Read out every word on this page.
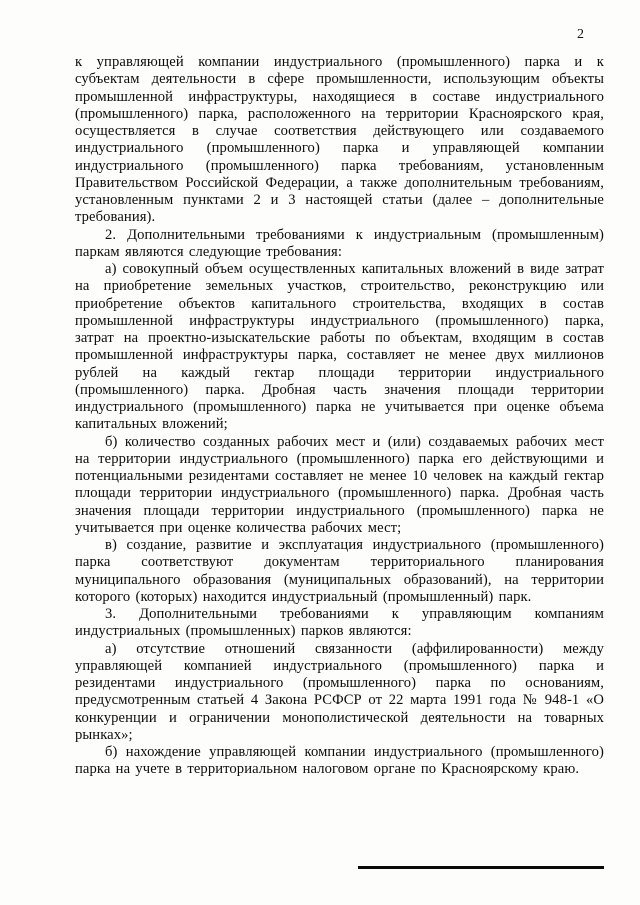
2

к управляющей компании индустриального (промышленного) парка и к субъектам деятельности в сфере промышленности, использующим объекты промышленной инфраструктуры, находящиеся в составе индустриального (промышленного) парка, расположенного на территории Красноярского края, осуществляется в случае соответствия действующего или создаваемого индустриального (промышленного) парка и управляющей компании индустриального (промышленного) парка требованиям, установленным Правительством Российской Федерации, а также дополнительным требованиям, установленным пунктами 2 и 3 настоящей статьи (далее – дополнительные требования).

2. Дополнительными требованиями к индустриальным (промышленным) паркам являются следующие требования:

а) совокупный объем осуществленных капитальных вложений в виде затрат на приобретение земельных участков, строительство, реконструкцию или приобретение объектов капитального строительства, входящих в состав промышленной инфраструктуры индустриального (промышленного) парка, затрат на проектно-изыскательские работы по объектам, входящим в состав промышленной инфраструктуры парка, составляет не менее двух миллионов рублей на каждый гектар площади территории индустриального (промышленного) парка. Дробная часть значения площади территории индустриального (промышленного) парка не учитывается при оценке объема капитальных вложений;

б) количество созданных рабочих мест и (или) создаваемых рабочих мест на территории индустриального (промышленного) парка его действующими и потенциальными резидентами составляет не менее 10 человек на каждый гектар площади территории индустриального (промышленного) парка. Дробная часть значения площади территории индустриального (промышленного) парка не учитывается при оценке количества рабочих мест;

в) создание, развитие и эксплуатация индустриального (промышленного) парка соответствуют документам территориального планирования муниципального образования (муниципальных образований), на территории которого (которых) находится индустриальный (промышленный) парк.

3. Дополнительными требованиями к управляющим компаниям индустриальных (промышленных) парков являются:

а) отсутствие отношений связанности (аффилированности) между управляющей компанией индустриального (промышленного) парка и резидентами индустриального (промышленного) парка по основаниям, предусмотренным статьей 4 Закона РСФСР от 22 марта 1991 года № 948-1 «О конкуренции и ограничении монополистической деятельности на товарных рынках»;

б) нахождение управляющей компании индустриального (промышленного) парка на учете в территориальном налоговом органе по Красноярскому краю.
